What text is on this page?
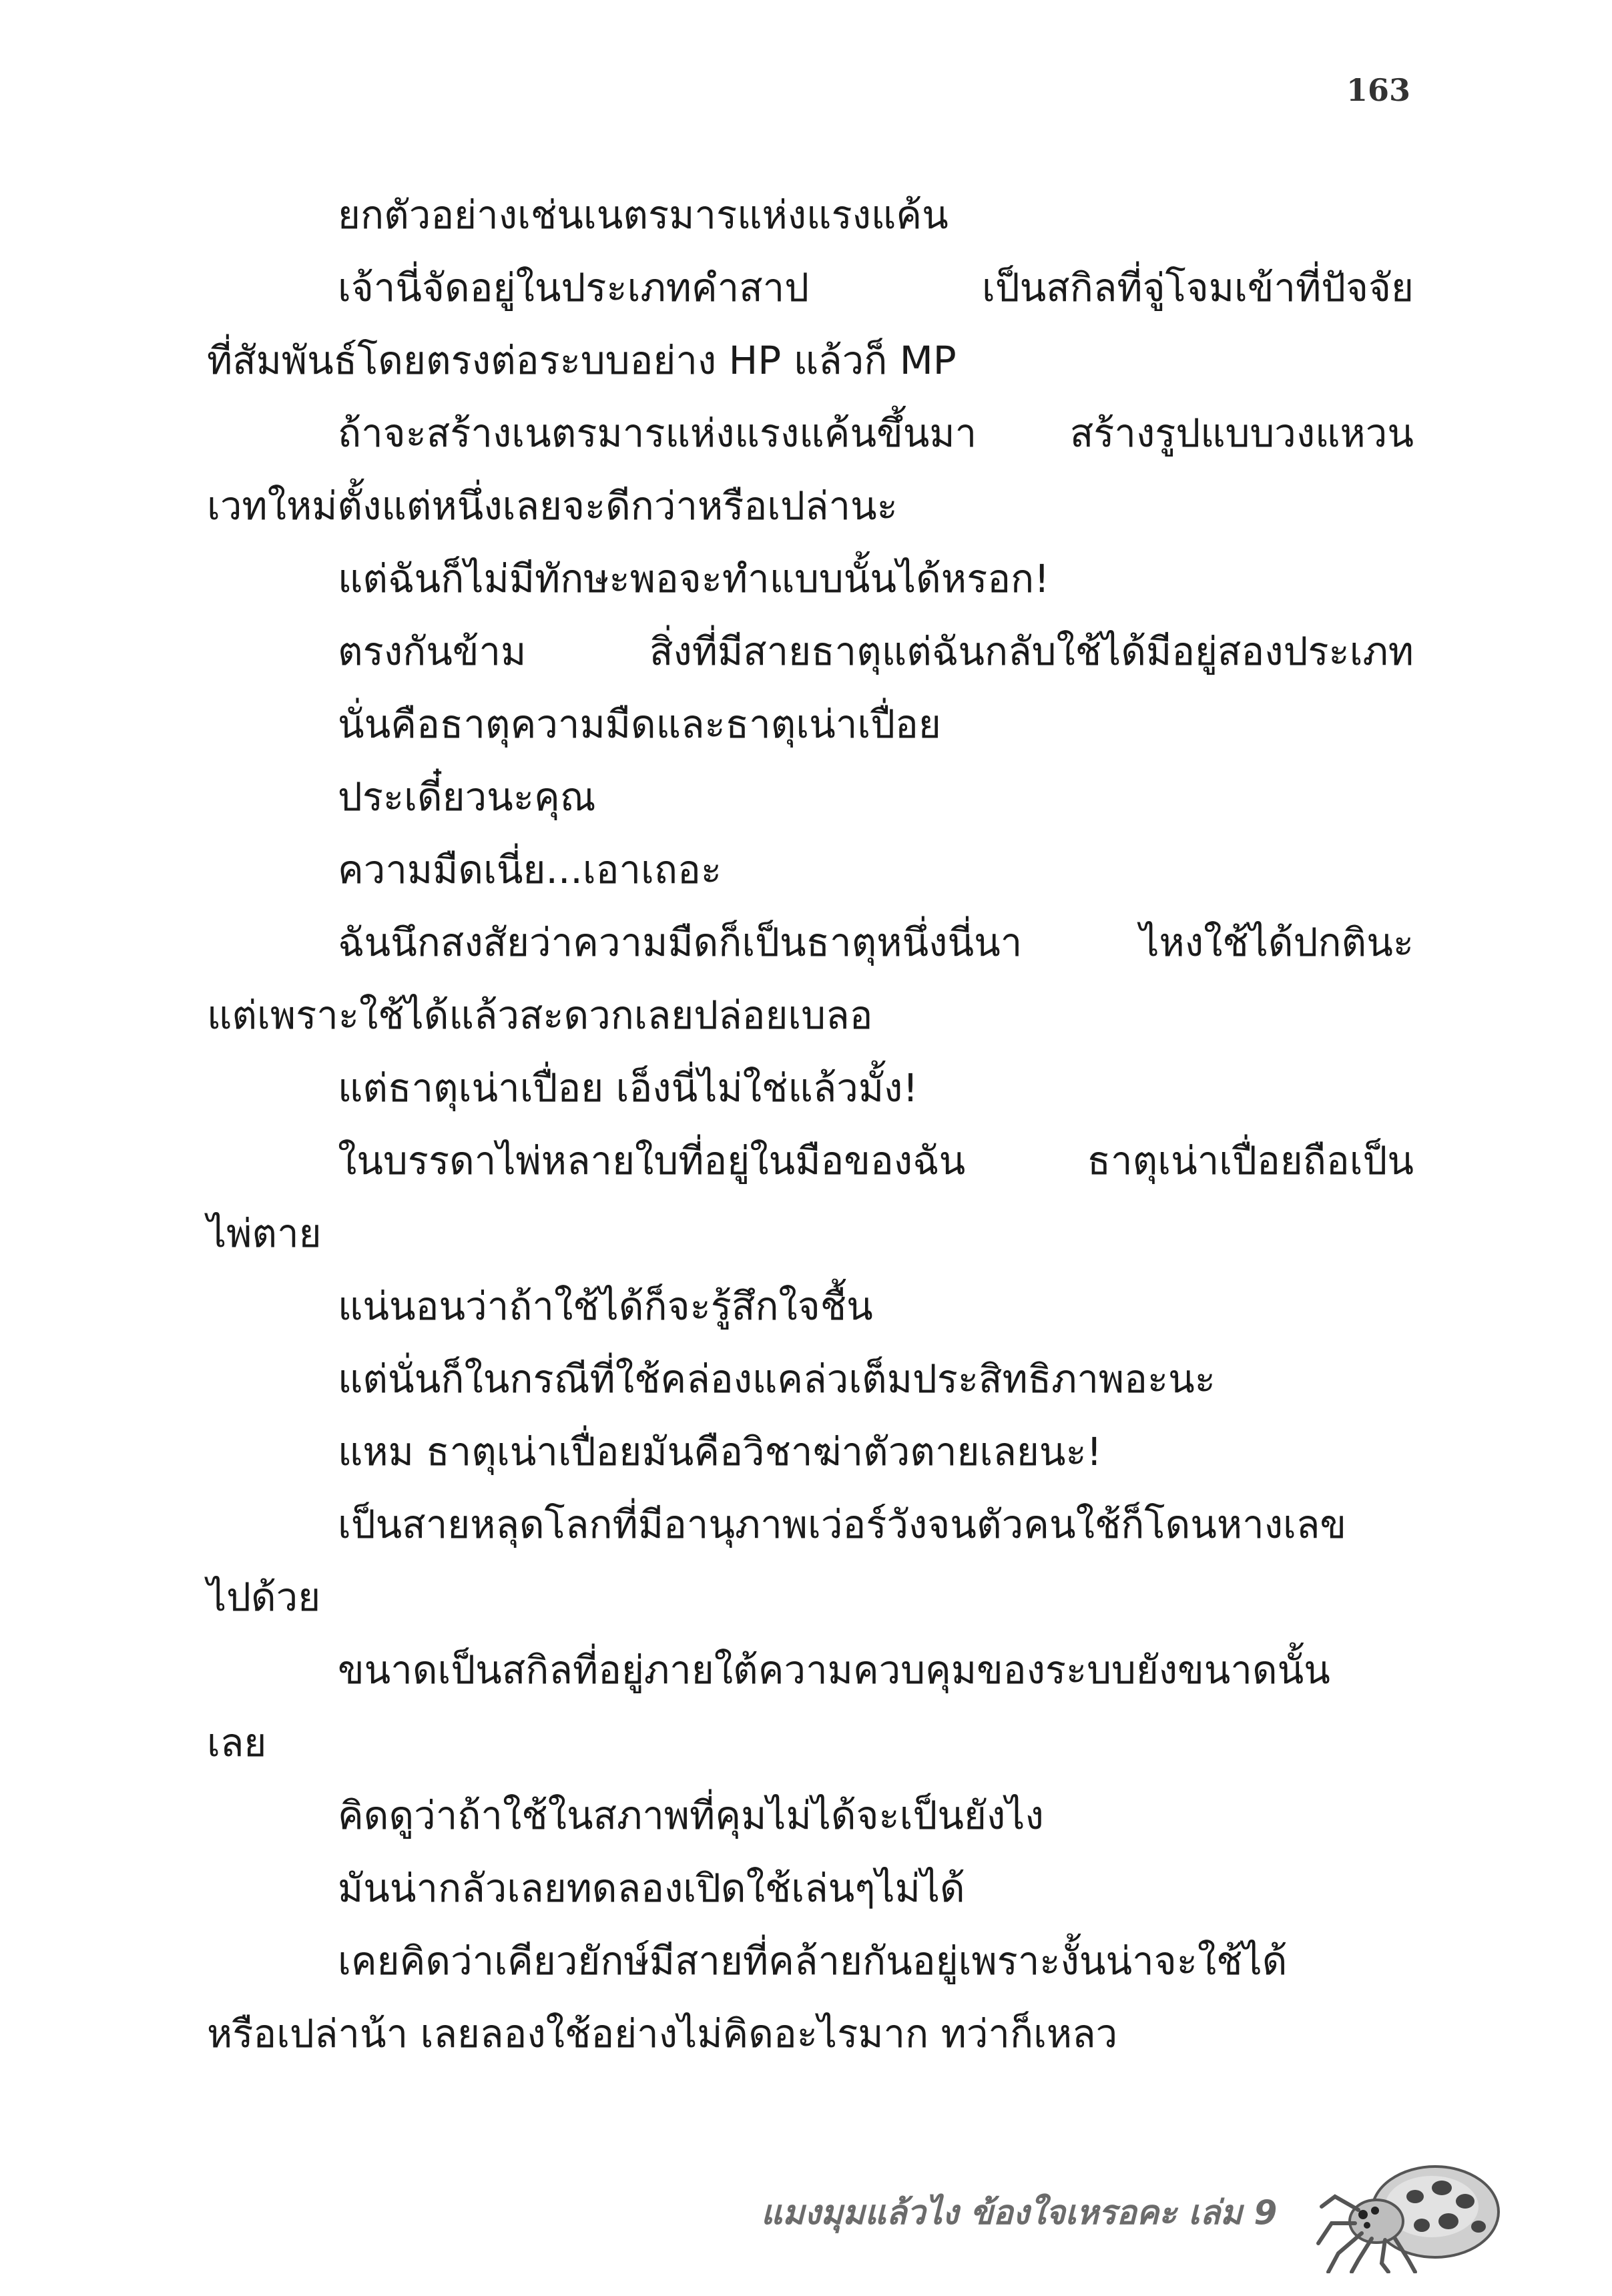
163
ยกตัวอย่างเช่นเนตรมารแห่งแรงแค้น
เจ้านี่จัดอยู่ในประเภทคำสาป เป็นสกิลที่จู่โจมเข้าที่ปัจจัย
ที่สัมพันธ์โดยตรงต่อระบบอย่าง HP แล้วก็ MP
ถ้าจะสร้างเนตรมารแห่งแรงแค้นขึ้นมา สร้างรูปแบบวงแหวน
เวทใหม่ตั้งแต่หนึ่งเลยจะดีกว่าหรือเปล่านะ
แต่ฉันก็ไม่มีทักษะพอจะทำแบบนั้นได้หรอก!
ตรงกันข้าม สิ่งที่มีสายธาตุแต่ฉันกลับใช้ได้มีอยู่สองประเภท
นั่นคือธาตุความมืดและธาตุเน่าเปื่อย
ประเดี๋ยวนะคุณ
ความมืดเนี่ย...เอาเถอะ
ฉันนึกสงสัยว่าความมืดก็เป็นธาตุหนึ่งนี่นา ไหงใช้ได้ปกตินะ
แต่เพราะใช้ได้แล้วสะดวกเลยปล่อยเบลอ
แต่ธาตุเน่าเปื่อย เอ็งนี่ไม่ใช่แล้วมั้ง!
ในบรรดาไพ่หลายใบที่อยู่ในมือของฉัน ธาตุเน่าเปื่อยถือเป็น
ไพ่ตาย
แน่นอนว่าถ้าใช้ได้ก็จะรู้สึกใจชื้น
แต่นั่นก็ในกรณีที่ใช้คล่องแคล่วเต็มประสิทธิภาพอะนะ
แหม ธาตุเน่าเปื่อยมันคือวิชาฆ่าตัวตายเลยนะ!
เป็นสายหลุดโลกที่มีอานุภาพเว่อร์วังจนตัวคนใช้ก็โดนหางเลข
ไปด้วย
ขนาดเป็นสกิลที่อยู่ภายใต้ความควบคุมของระบบยังขนาดนั้น
เลย
คิดดูว่าถ้าใช้ในสภาพที่คุมไม่ได้จะเป็นยังไง
มันน่ากลัวเลยทดลองเปิดใช้เล่นๆไม่ได้
เคยคิดว่าเคียวยักษ์มีสายที่คล้ายกันอยู่เพราะงั้นน่าจะใช้ได้
หรือเปล่าน้า เลยลองใช้อย่างไม่คิดอะไรมาก ทว่าก็เหลว
แมงมุมแล้วไง ข้องใจเหรอคะ เล่ม 9
